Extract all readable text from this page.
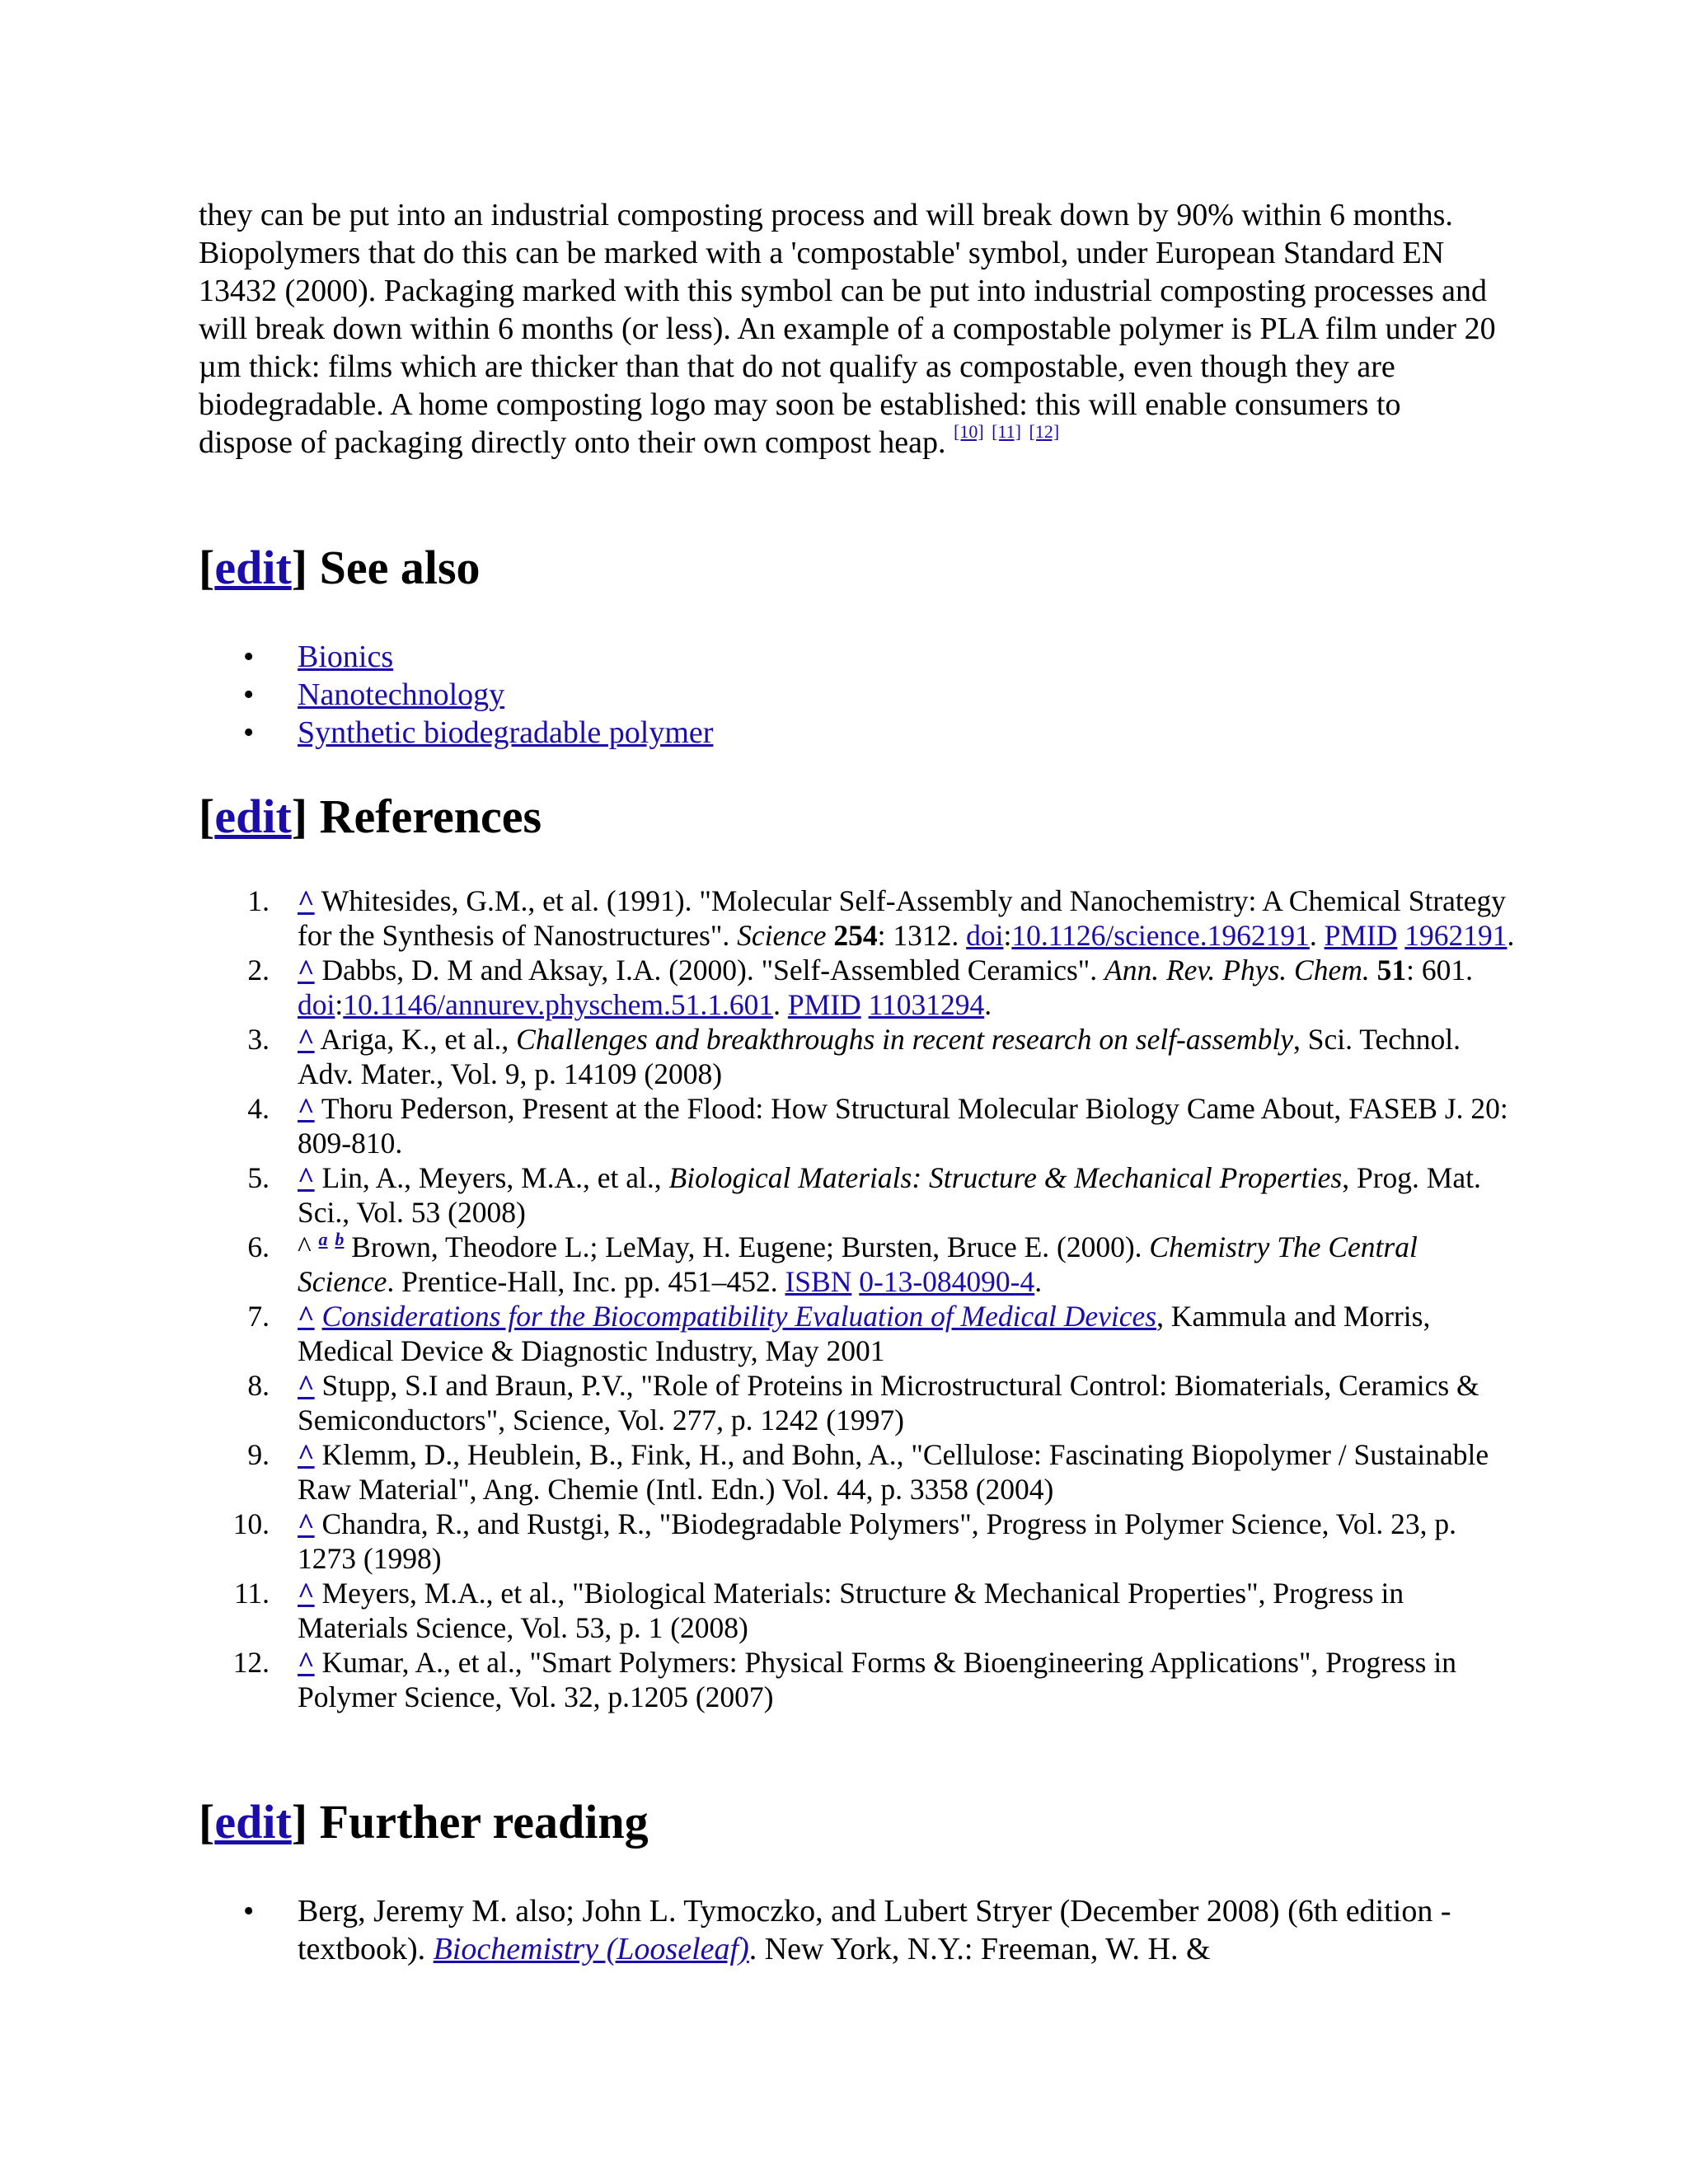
they can be put into an industrial composting process and will break down by 90% within 6 months. Biopolymers that do this can be marked with a 'compostable' symbol, under European Standard EN 13432 (2000). Packaging marked with this symbol can be put into industrial composting processes and will break down within 6 months (or less). An example of a compostable polymer is PLA film under 20 µm thick: films which are thicker than that do not qualify as compostable, even though they are biodegradable. A home composting logo may soon be established: this will enable consumers to dispose of packaging directly onto their own compost heap. [10] [11] [12]

[edit] See also
• Bionics
• Nanotechnology
• Synthetic biodegradable polymer
[edit] References
1. ^ Whitesides, G.M., et al. (1991). "Molecular Self-Assembly and Nanochemistry: A Chemical Strategy for the Synthesis of Nanostructures". Science 254: 1312. doi:10.1126/science.1962191. PMID 1962191.
2. ^ Dabbs, D. M and Aksay, I.A. (2000). "Self-Assembled Ceramics". Ann. Rev. Phys. Chem. 51: 601. doi:10.1146/annurev.physchem.51.1.601. PMID 11031294.
3. ^ Ariga, K., et al., Challenges and breakthroughs in recent research on self-assembly, Sci. Technol. Adv. Mater., Vol. 9, p. 14109 (2008)
4. ^ Thoru Pederson, Present at the Flood: How Structural Molecular Biology Came About, FASEB J. 20: 809-810.
5. ^ Lin, A., Meyers, M.A., et al., Biological Materials: Structure & Mechanical Properties, Prog. Mat. Sci., Vol. 53 (2008)
6. ^ $^a$ $^b$ Brown, Theodore L.; LeMay, H. Eugene; Bursten, Bruce E. (2000). Chemistry The Central Science. Prentice-Hall, Inc. pp. 451–452. ISBN 0-13-084090-4.
7. ^ Considerations for the Biocompatibility Evaluation of Medical Devices, Kammula and Morris, Medical Device & Diagnostic Industry, May 2001
8. ^ Stupp, S.I and Braun, P.V., "Role of Proteins in Microstructural Control: Biomaterials, Ceramics & Semiconductors", Science, Vol. 277, p. 1242 (1997)
9. ^ Klemm, D., Heublein, B., Fink, H., and Bohn, A., "Cellulose: Fascinating Biopolymer / Sustainable Raw Material", Ang. Chemie (Intl. Edn.) Vol. 44, p. 3358 (2004)
10. ^ Chandra, R., and Rustgi, R., "Biodegradable Polymers", Progress in Polymer Science, Vol. 23, p. 1273 (1998)
11. ^ Meyers, M.A., et al., "Biological Materials: Structure & Mechanical Properties", Progress in Materials Science, Vol. 53, p. 1 (2008)
12. ^ Kumar, A., et al., "Smart Polymers: Physical Forms & Bioengineering Applications", Progress in Polymer Science, Vol. 32, p.1205 (2007)
[edit] Further reading
• Berg, Jeremy M. also; John L. Tymoczko, and Lubert Stryer (December 2008) (6th edition - textbook). Biochemistry (Looseleaf). New York, N.Y.: Freeman, W. H. &
